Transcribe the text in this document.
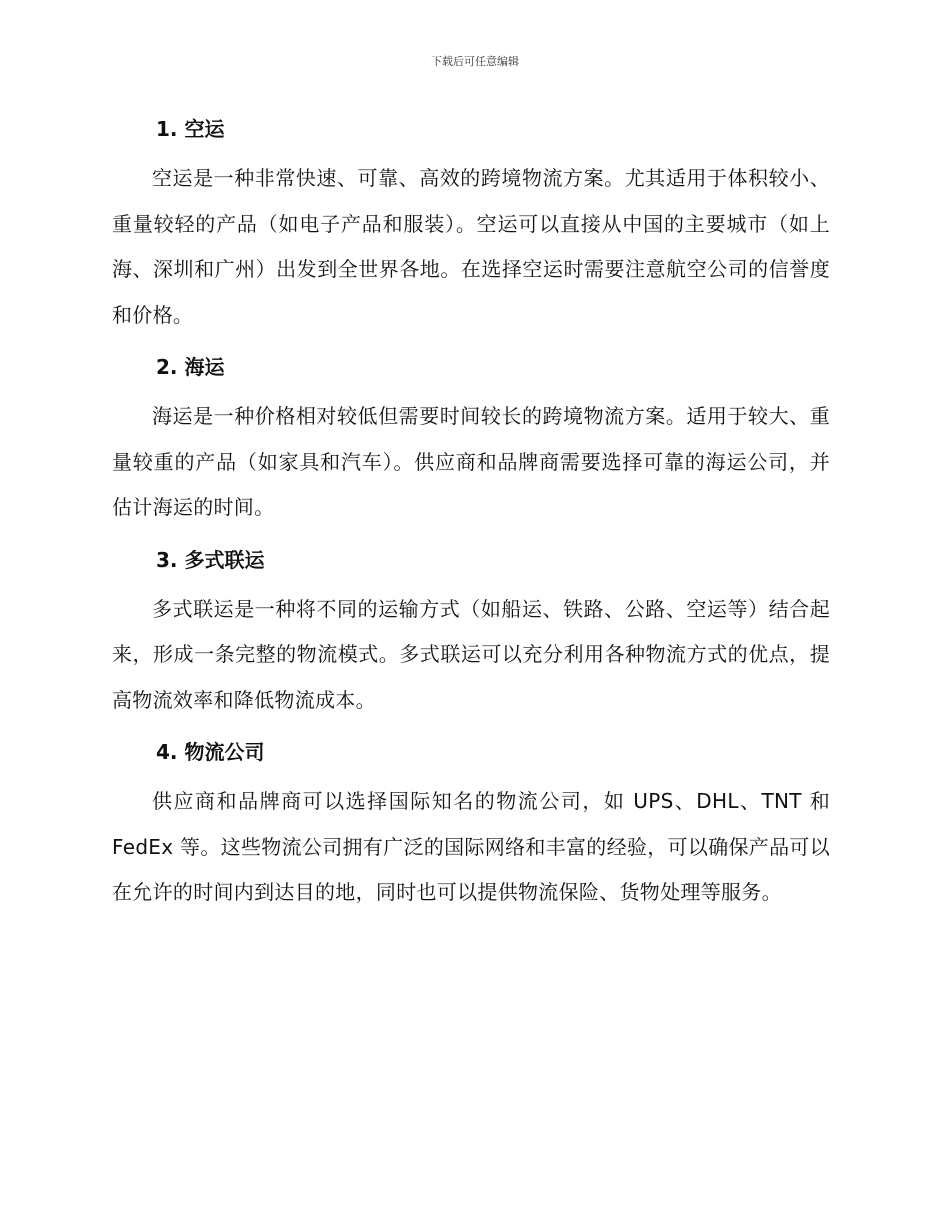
下载后可任意编辑
1. 空运

空运是一种非常快速、可靠、高效的跨境物流方案。尤其适用于体积较小、重量较轻的产品（如电子产品和服装）。空运可以直接从中国的主要城市（如上海、深圳和广州）出发到全世界各地。在选择空运时需要注意航空公司的信誉度和价格。

2. 海运

海运是一种价格相对较低但需要时间较长的跨境物流方案。适用于较大、重量较重的产品（如家具和汽车）。供应商和品牌商需要选择可靠的海运公司，并估计海运的时间。

3. 多式联运

多式联运是一种将不同的运输方式（如船运、铁路、公路、空运等）结合起来，形成一条完整的物流模式。多式联运可以充分利用各种物流方式的优点，提高物流效率和降低物流成本。

4. 物流公司

供应商和品牌商可以选择国际知名的物流公司，如 UPS、DHL、TNT 和 FedEx 等。这些物流公司拥有广泛的国际网络和丰富的经验，可以确保产品可以在允许的时间内到达目的地，同时也可以提供物流保险、货物处理等服务。
